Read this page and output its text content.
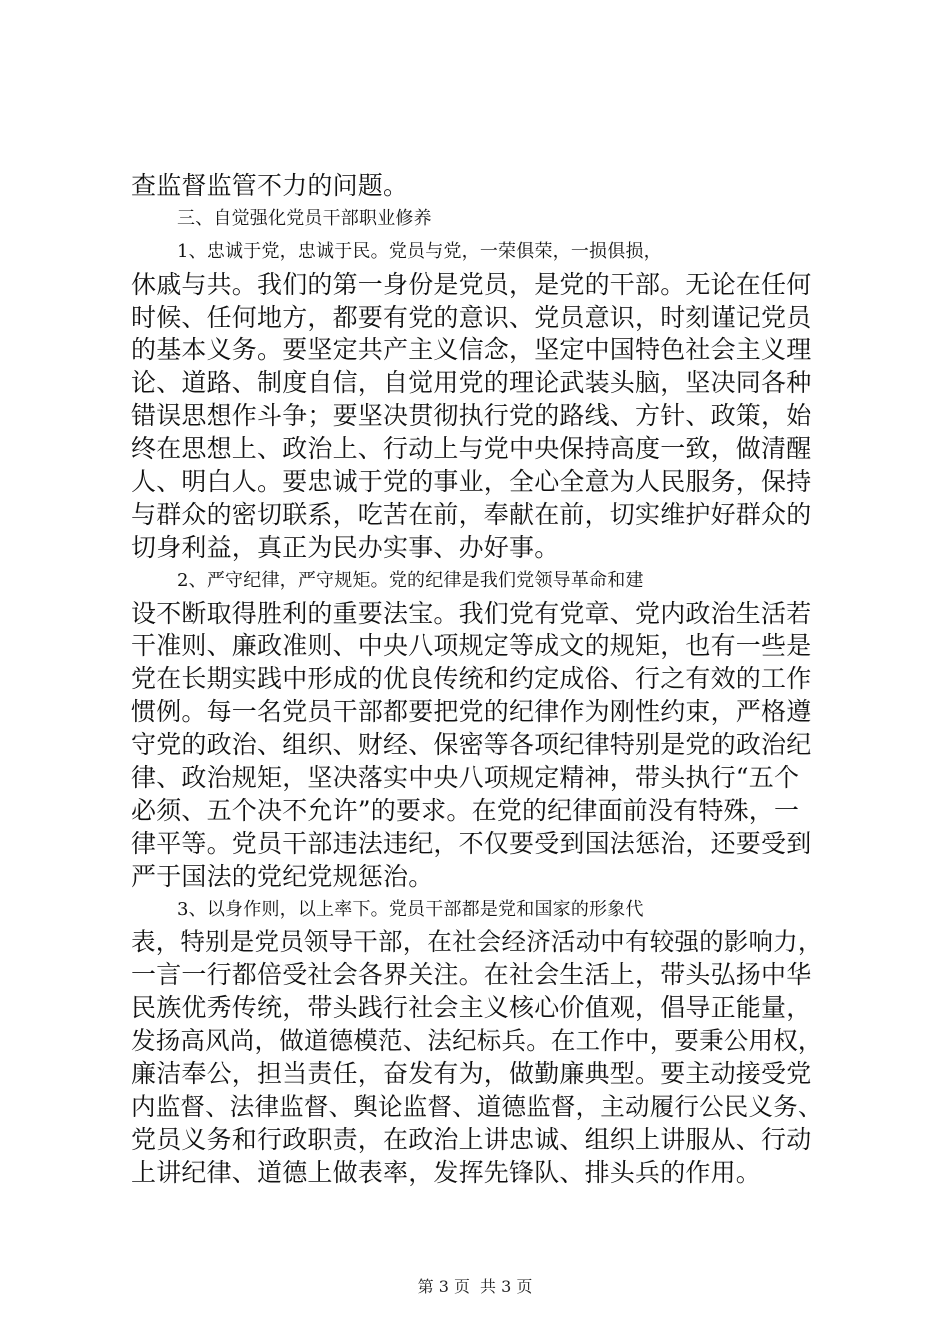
查监督监管不力的问题。
三、自觉强化党员干部职业修养
1、忠诚于党，忠诚于民。党员与党，一荣俱荣，一损俱损，
休戚与共。我们的第一身份是党员，是党的干部。无论在任何
时候、任何地方，都要有党的意识、党员意识，时刻谨记党员
的基本义务。要坚定共产主义信念，坚定中国特色社会主义理
论、道路、制度自信，自觉用党的理论武装头脑，坚决同各种
错误思想作斗争；要坚决贯彻执行党的路线、方针、政策，始
终在思想上、政治上、行动上与党中央保持高度一致，做清醒
人、明白人。要忠诚于党的事业，全心全意为人民服务，保持
与群众的密切联系，吃苦在前，奉献在前，切实维护好群众的
切身利益，真正为民办实事、办好事。
2、严守纪律，严守规矩。党的纪律是我们党领导革命和建
设不断取得胜利的重要法宝。我们党有党章、党内政治生活若
干准则、廉政准则、中央八项规定等成文的规矩，也有一些是
党在长期实践中形成的优良传统和约定成俗、行之有效的工作
惯例。每一名党员干部都要把党的纪律作为刚性约束，严格遵
守党的政治、组织、财经、保密等各项纪律特别是党的政治纪
律、政治规矩，坚决落实中央八项规定精神，带头执行“五个
必须、五个决不允许”的要求。在党的纪律面前没有特殊，一
律平等。党员干部违法违纪，不仅要受到国法惩治，还要受到
严于国法的党纪党规惩治。
3、以身作则，以上率下。党员干部都是党和国家的形象代
表，特别是党员领导干部，在社会经济活动中有较强的影响力，
一言一行都倍受社会各界关注。在社会生活上，带头弘扬中华
民族优秀传统，带头践行社会主义核心价值观，倡导正能量，
发扬高风尚，做道德模范、法纪标兵。在工作中，要秉公用权，
廉洁奉公，担当责任，奋发有为，做勤廉典型。要主动接受党
内监督、法律监督、舆论监督、道德监督，主动履行公民义务、
党员义务和行政职责，在政治上讲忠诚、组织上讲服从、行动
上讲纪律、道德上做表率，发挥先锋队、排头兵的作用。
第 3 页 共 3 页
